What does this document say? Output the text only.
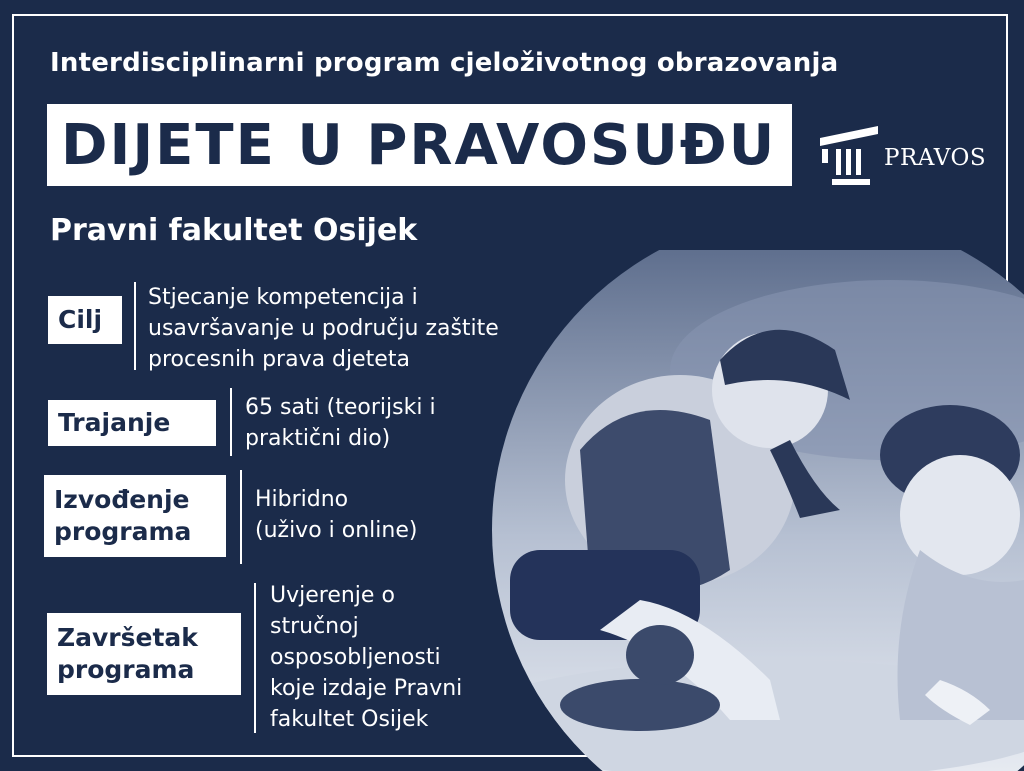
Interdisciplinarni program cjeloživotnog obrazovanja
DIJETE U PRAVOSUĐU	PRAVOS
Pravni fakultet Osijek
Cilj
Stjecanje kompetencija i
usavršavanje u području zaštite
procesnih prava djeteta
Trajanje
65 sati (teorijski i
praktični dio)
Izvođenje
programa
Hibridno
(uživo i online)
Završetak
programa
Uvjerenje o
stručnoj
osposobljenosti
koje izdaje Pravni
fakultet Osijek
